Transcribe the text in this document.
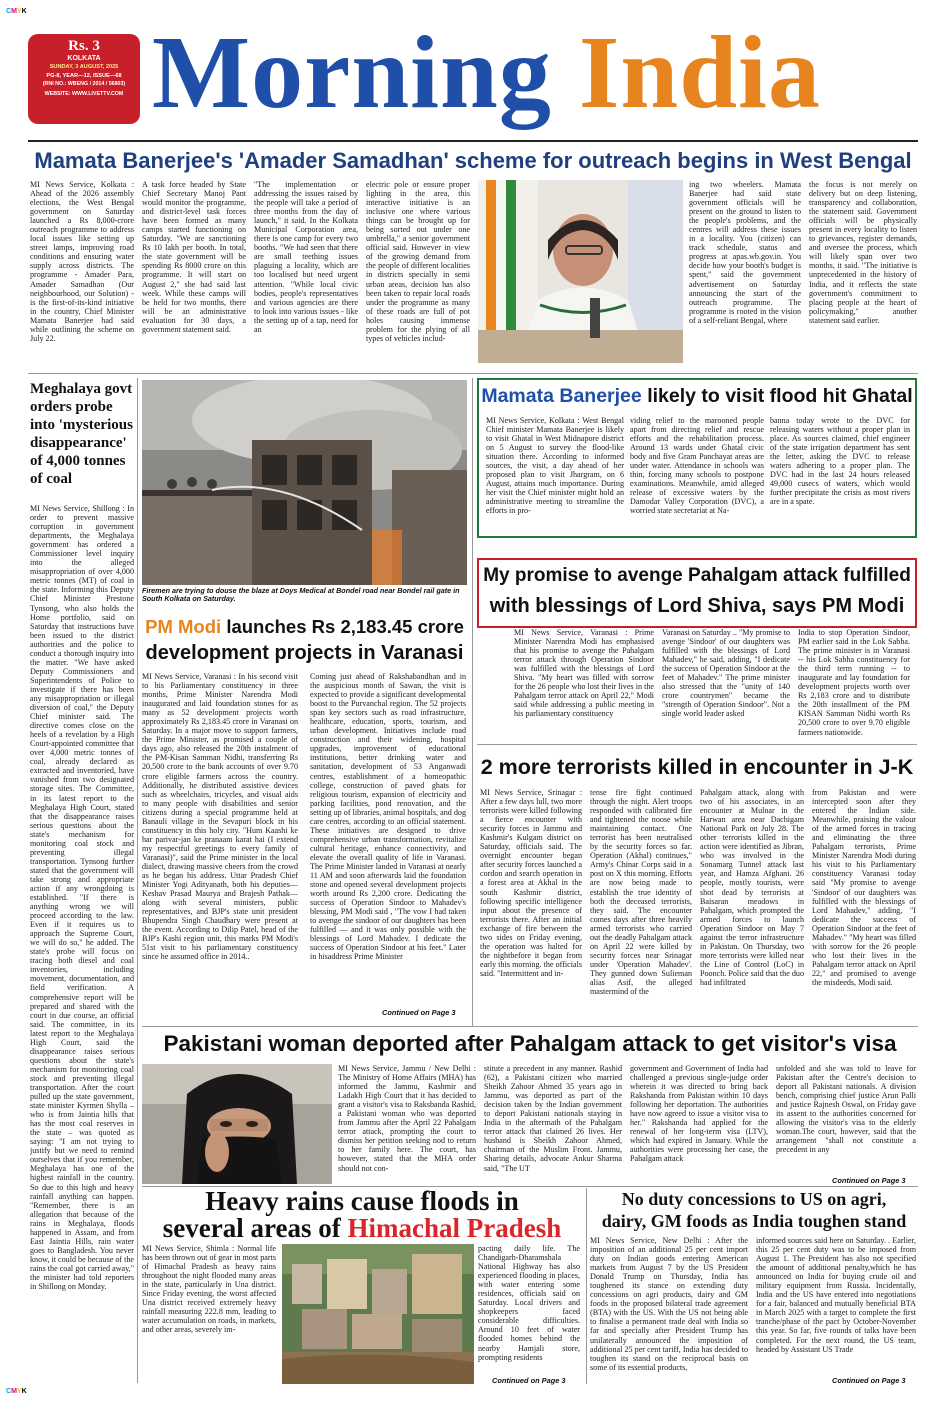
CMYK
CMYK
Rs. 3
KOLKATA
SUNDAY, 3 AUGUST, 2025
PG-8, YEAR—12, ISSUE—68
(RNI NO.: WBENG / 2014 / 56803)
WEBSITE: WWW.LIVETTV.COM Morning India
Mamata Banerjee's 'Amader Samadhan' scheme for outreach begins in West Bengal
MI News Service, Kolkata : Ahead of the 2026 assembly elections, the West Bengal government on Saturday launched a Rs 8,000-crore outreach programme to address local issues like setting up street lamps, improving road conditions and ensuring water supply across districts. The programme - Amader Para, Amader Samadhan (Our neighbourhood, our Solution) - is the first-of-its-kind initiative in the country, Chief Minister Mamata Banerjee had said while outlining the scheme on July 22.
A task force headed by State Chief Secretary Manoj Pant would monitor the programme, and district-level task forces have been formed as many camps started functioning on Saturday. "We are sanctioning Rs 10 lakh per booth. In total, the state government will be spending Rs 8000 crore on this programme. It will start on August 2," she had said last week. While these camps will be held for two months, there will be an administrative evaluation for 30 days, a government statement said.
"The implementation or addressing the issues raised by the people will take a period of three months from the day of launch," it said. In the Kolkata Municipal Corporation area, there is one camp for every two booths. "We had seen that there are small teething issues plaguing a locality, which are too localised but need urgent attention. "While local civic bodies, people's representatives and various agencies are there to look into various issues - like the setting up of a tap, need for an
electric pole or ensure proper lighting in the area, this interactive initiative is an inclusive one where various things can be brought up for being sorted out under one umbrella," a senior government official said. However in view of the growing demand from the people of different localities in districts specially in semi urban areas, decision has also been taken to repair local roads under the programme as many of these roads are full of pot holes causing immense problem for the plying of all types of vehicles includ-
ing two wheelers. Mamata Banerjee had said state government officials will be present on the ground to listen to the people's problems, and the centres will address these issues in a locality. You (citizen) can track schedule, status and progress at apas.wb.gov.in. You decide how your booth's budget is spent," said the government advertisement on Saturday announcing the start of the outreach programme. The programme is rooted in the vision of a self-reliant Bengal, where
the focus is not merely on delivery but on deep listening, transparency and collaboration, the statement said. Government officials will be physically present in every locality to listen to grievances, register demands, and oversee the process, which will likely span over two months, it said. "The initiative is unprecedented in the history of India, and it reflects the state government's commitment to placing people at the heart of policymaking," another statement said earlier.
Meghalaya govt orders probe into 'mysterious disappearance' of 4,000 tonnes of coal
MI News Service, Shillong : In order to prevent massive corruption in government departments, the Meghalaya government has ordered a Commissioner level inquiry into the alleged misappropriation of over 4,000 metric tonnes (MT) of coal in the state. Informing this Deputy Chief Minister Prestone Tynsong, who also holds the Home portfolio, said on Saturday that instructions have been issued to the district authorities and the police to conduct a thorough inquiry into the matter. "We have asked Deputy Commissioners and Superintendents of Police to investigate if there has been any misappropriation or illegal diversion of coal," the Deputy Chief minister said. The directive comes close on the heels of a revelation by a High Court-appointed committee that over 4,000 metric tonnes of coal, already declared as extracted and inventoried, have vanished from two designated storage sites. The Committee, in its latest report to the Meghalaya High Court, stated that the disappearance raises serious questions about the state's mechanism for monitoring coal stock and preventing illegal transportation. Tynsong further stated that the government will take strong and appropriate action if any wrongdoing is established. "If there is anything wrong we will proceed according to the law. Even if it requires us to approach the Supreme Court, we will do so," he added. The state's probe will focus on tracing both diesel and coal inventories, including movement, documentation, and field verification. A comprehensive report will be prepared and shared with the court in due course, an official said. The committee, in its latest report to the Meghalaya High Court, said the disappearance raises serious questions about the state's mechanism for monitoring coal stock and preventing illegal transportation. After the court pulled up the state government, state minister Kyrmen Shylla – who is from Jaintia hills that has the most coal reserves in the state – was quoted as saying: "I am not trying to justify but we need to remind ourselves that if you remember, Meghalaya has one of the highest rainfall in the country. So due to this high and heavy rainfall anything can happen. "Remember, there is an allegation that because of the rains in Meghalaya, floods happened in Assam, and from East Jaintia Hills, rain water goes to Bangladesh. You never know, it could be because of the rains the coal got carried away," the minister had told reporters in Shillong on Monday.
Firemen are trying to douse the blaze at Doys Medical at Bondel road near Bondel rail gate in South Kolkata on Saturday.
Mamata Banerjee likely to visit flood hit Ghatal
MI News Service, Kolkata : West Bengal Chief minister Mamata Banerjee is likely to visit Ghatal in West Midnapore district on 5 August to survey the flood-like situation there. According to informed sources, the visit, a day ahead of her proposed plan to visit Jhargram, on 6 August, attains much importance. During her visit the Chief minister might hold an administrative meeting to streamline the efforts in pro-
viding relief to the marooned people apart from directing relief and rescue efforts and the rehabilitation process. Around 13 wards under Ghatal civic body and five Gram Panchayat areas are under water. Attendance in schools was thin, forcing many schools to postpone examinations. Meanwhile, amid alleged release of excessive waters by the Damodar Valley Corporation (DVC), a worried state secretariat at Na-
banna today wrote to the DVC for releasing waters without a proper plan in place. As sources claimed, chief engineer of the state irrigation department has sent the letter, asking the DVC to release waters adhering to a proper plan. The DVC had in the last 24 hours released 49,000 cusecs of waters, which would further precipitate the crisis as most rivers are in a spate.
My promise to avenge Pahalgam attack fulfilled
with blessings of Lord Shiva, says PM Modi
MI News Service, Varanasi : Prime Minister Narendra Modi has emphasised that his promise to avenge the Pahalgam terror attack through Operation Sindoor was fulfilled with the blessings of Lord Shiva. "My heart was filled with sorrow for the 26 people who lost their lives in the Pahalgam terror attack on April 22," Modi said while addressing a public meeting in his parliamentary constituency
Varanasi on Saturday .. "My promise to avenge 'Sindoor' of our daughters was fulfilled with the blessings of Lord Mahadev," he said, adding, "I dedicate the success of Operation Sindoor at the feet of Mahadev." The prime minister also stressed that the "unity of 140 crore countrymen" became the "strength of Operation Sindoor". Not a single world leader asked
India to stop Operation Sindoor, PM earlier said in the Lok Sabha. The prime minister is in Varanasi -- his Lok Sabha constituency for the third term running -- to inaugurate and lay foundation for development projects worth over Rs 2,183 crore and to distribute the 20th installment of the PM KISAN Samman Nidhi worth Rs 20,500 crore to over 9.70 eligible farmers nationwide.
PM Modi launches Rs 2,183.45 crore
development projects in Varanasi
MI News Service, Varanasi : In his second visit to his Parliamentary constituency in three months, Prime Minister Narendra Modi inaugurated and laid foundation stones for as many as 52 development projects worth approximately Rs 2,183.45 crore in Varanasi on Saturday. In a major move to support farmers, the Prime Minister, as promised a couple of days ago, also released the 20th instalment of the PM-Kisan Samman Nidhi, transferring Rs 20,500 crore to the bank accounts of over 9.70 crore eligible farmers across the country. Additionally, he distributed assistive devices such as wheelchairs, tricycles, and visual aids to many people with disabilities and senior citizens during a special programme held at Banauli village in the Sevapuri block in his constituency in this holy city. "Hum Kaashi ke har parivar-jan ke pranaam karat hai (I extend my respectful greetings to every family of Varanasi)", said the Prime minister in the local dialect, drawing massive cheers from the crowd as he began his address. Uttar Pradesh Chief Minister Yogi Adityanath, both his deputies—Keshav Prasad Maurya and Brajesh Pathak—along with several ministers, public representatives, and BJP's state unit president Bhupendra Singh Chaudhary were present at the event. According to Dilip Patel, head of the BJP's Kashi region unit, this marks PM Modi's 51st visit to his parliamentary constituency since he assumed office in 2014..
Coming just ahead of Rakshabandhan and in the auspicious month of Sawan, the visit is expected to provide a significant developmental boost to the Purvanchal region. The 52 projects span key sectors such as road infrastructure, healthcare, education, sports, tourism, and urban development. Initiatives include road construction and their widening, hospital upgrades, improvement of educational institutions, better drinking water and sanitation, development of 53 Anganwadi centres, establishment of a homeopathic college, construction of paved ghats for religious tourism, expansion of electricity and parking facilities, pond renovation, and the setting up of libraries, animal hospitals, and dog care centres, according to an official statement. These initiatives are designed to drive comprehensive urban transformation, revitalize cultural heritage, enhance connectivity, and elevate the overall quality of life in Varanasi. The Prime Minister landed in Varanasi at nearly 11 AM and soon afterwards laid the foundation stone and opened several development projects worth around Rs 2,200 crore. Dedicating the success of Operation Sindoor to Mahadev's blessing, PM Modi said , "The vow I had taken to avenge the sindoor of our daughters has been fulfilled — and it was only possible with the blessings of Lord Mahadev. I dedicate the success of Operation Sindoor at his feet." Later in hisaddress Prime Minister
Continued on Page 3
2 more terrorists killed in encounter in J-K
MI News Service, Srinagar : After a few days lull, two more terrorists were killed following a fierce encounter with security forces in Jammu and Kashmir's Kulgam district on Saturday, officials said. The overnight encounter began after security forces launched a cordon and search operation in a forest area at Akhal in the south Kashmir district, following specific intelligence input about the presence of terrorists there. After an initial exchange of fire between the two sides on Friday evening, the operation was halted for the nightbefore it began from early this morning. the officials said. "Intermittent and in-
tense fire fight continued through the night. Alert troops responded with calibrated fire and tightened the noose while maintaining contact. One terrorist has been neutralised by the security forces so far. Operation (Akhal) continues," Army's Chinar Corps said in a post on X this morning. Efforts are now being made to establish the true identity of both the deceased terrorists, they said. The encounter comes days after three heavily armed terrorists who carried out the deadly Pahalgam attack on April 22 were killed by security forces near Srinagar under 'Operation Mahadev'. They gunned down Sulieman alias Asif, the alleged mastermind of the
Pahalgam attack, along with two of his associates, in an encounter at Mulnar in the Harwan area near Dachigam National Park on July 28. The other terrorists killed in the action were identified as Jibran, who was involved in the Sonamarg Tunnel attack last year, and Hamza Afghani. 26 people, mostly tourists, were shot dead by terrorists at Baisaran meadows in Pahalgam, which prompted the armed forces to launch Operation Sindoor on May 7 against the terror infrastructure in Pakistan. On Thursday, two more terrorists were killed near the Line of Control (LoC) in Poonch. Police said that the duo had infiltrated
from Pakistan and were intercepted soon after they entered the Indian side. Meanwhile, praising the valour of the armed forces in tracing and eliminating the three Pahalgam terrorists, Prime Minister Narendra Modi during his visit to his Parliamentary constituency Varanasi today said "My promise to avenge 'Sindoor' of our daughters was fulfilled with the blessings of Lord Mahadev," adding, "I dedicate the success of Operation Sindoor at the feet of Mahadev." "My heart was filled with sorrow for the 26 people who lost their lives in the Pahalgam terror attack on April 22," and promised to avenge the misdeeds, Modi said.
Pakistani woman deported after Pahalgam attack to get visitor's visa
MI News Service, Jammu / New Delhi : The Ministry of Home Affairs (MHA) has informed the Jammu, Kashmir and Ladakh High Court that it has decided to grant a visitor's visa to Raksbanda Rashid, a Pakistani woman who was deported from Jammu after the April 22 Pahalgam terror attack, prompting the court to dismiss her petition seeking nod to return to her family here. The court, has however, stated that the MHA order should not con-
stitute a precedent in any manner. Rashid (62), a Pakistani citizen who married Sheikh Zahoor Ahmed 35 years ago in Jammu, was deported as part of the decision taken by the Indian government to deport Pakistani nationals staying in India in the aftermath of the Pahalgam terror attack that claimed 26 lives. Her husband is Sheikh Zahoor Ahmed, chairman of the Muslim Front. Jammu, Sharing details, advocate Ankur Sharma said, "The UT
government and Government of India had challenged a previous single-judge order wherein it was directed to bring back Rakshanda from Pakistan within 10 days following her deportation. The authorities have now agreed to issue a visitor visa to her." Rakshanda had applied for the renewal of her long-term visa (LTV), which had expired in January. While the authorities were processing her case, the Pahalgam attack
unfolded and she was told to leave for Pakistan after the Centre's decision to deport all Pakistani nationals. A division bench, comprising chief justice Arun Palli and justice Rajnesh Oswal, on Friday gave its assent to the authorities concerned for allowing the visitor's visa to the elderly woman.The court, however, said that the arrangement "shall not constitute a precedent in any
Continued on Page 3
Heavy rains cause floods in
several areas of Himachal Pradesh
MI News Service, Shimla : Normal life has been thrown out of gear in most parts of Himachal Pradesh as heavy rains throughout the night flooded many areas in the state, particularly in Una district. Since Friday evening, the worst affected Una district received extremely heavy rainfall measuring 222.8 mm, leading to water accumulation on roads, in markets, and other areas, severely im-
pacting daily life. The Chandigarh-Dharamshala National Highway has also experienced flooding in places, with water entering some residences, officials said on Saturday. Local drivers and shopkeepers faced considerable difficulties. Around 10 feet of water flooded homes behind the nearby Hamjali store, prompting residents
Continued on Page 3
No duty concessions to US on agri,
dairy, GM foods as India toughen stand
MI News Service, New Delhi : After the imposition of an additional 25 per cent import duty on Indian goods entering American markets from August 7 by the US President Donald Trump on Thursday, India has toughened its stance on extending duty concessions on agri products, dairy and GM foods in the proposed bilateral trade agreement (BTA) with the US. With the US not being able to finalise a permanent trade deal with India so far and specially after President Trump has unilaterally announced the imposition of additional 25 per cent tariff, India has decided to toughen its stand on the reciprocal basis on some of its essential products,
informed sources said here on Saturday. . Earlier, this 25 per cent duty was to be imposed from August 1. The President has also not specified the amount of additional penalty,which he has announced on India for buying crude oil and military equipment from Russia. Incidentally, India and the US have entered into negotiations for a fair, balanced and mutually beneficial BTA in March 2025 with a target to complete the first tranche/phase of the pact by October-November this year. So far, five rounds of talks have been completed. For the next round, the US team, headed by Assistant US Trade
Continued on Page 3
